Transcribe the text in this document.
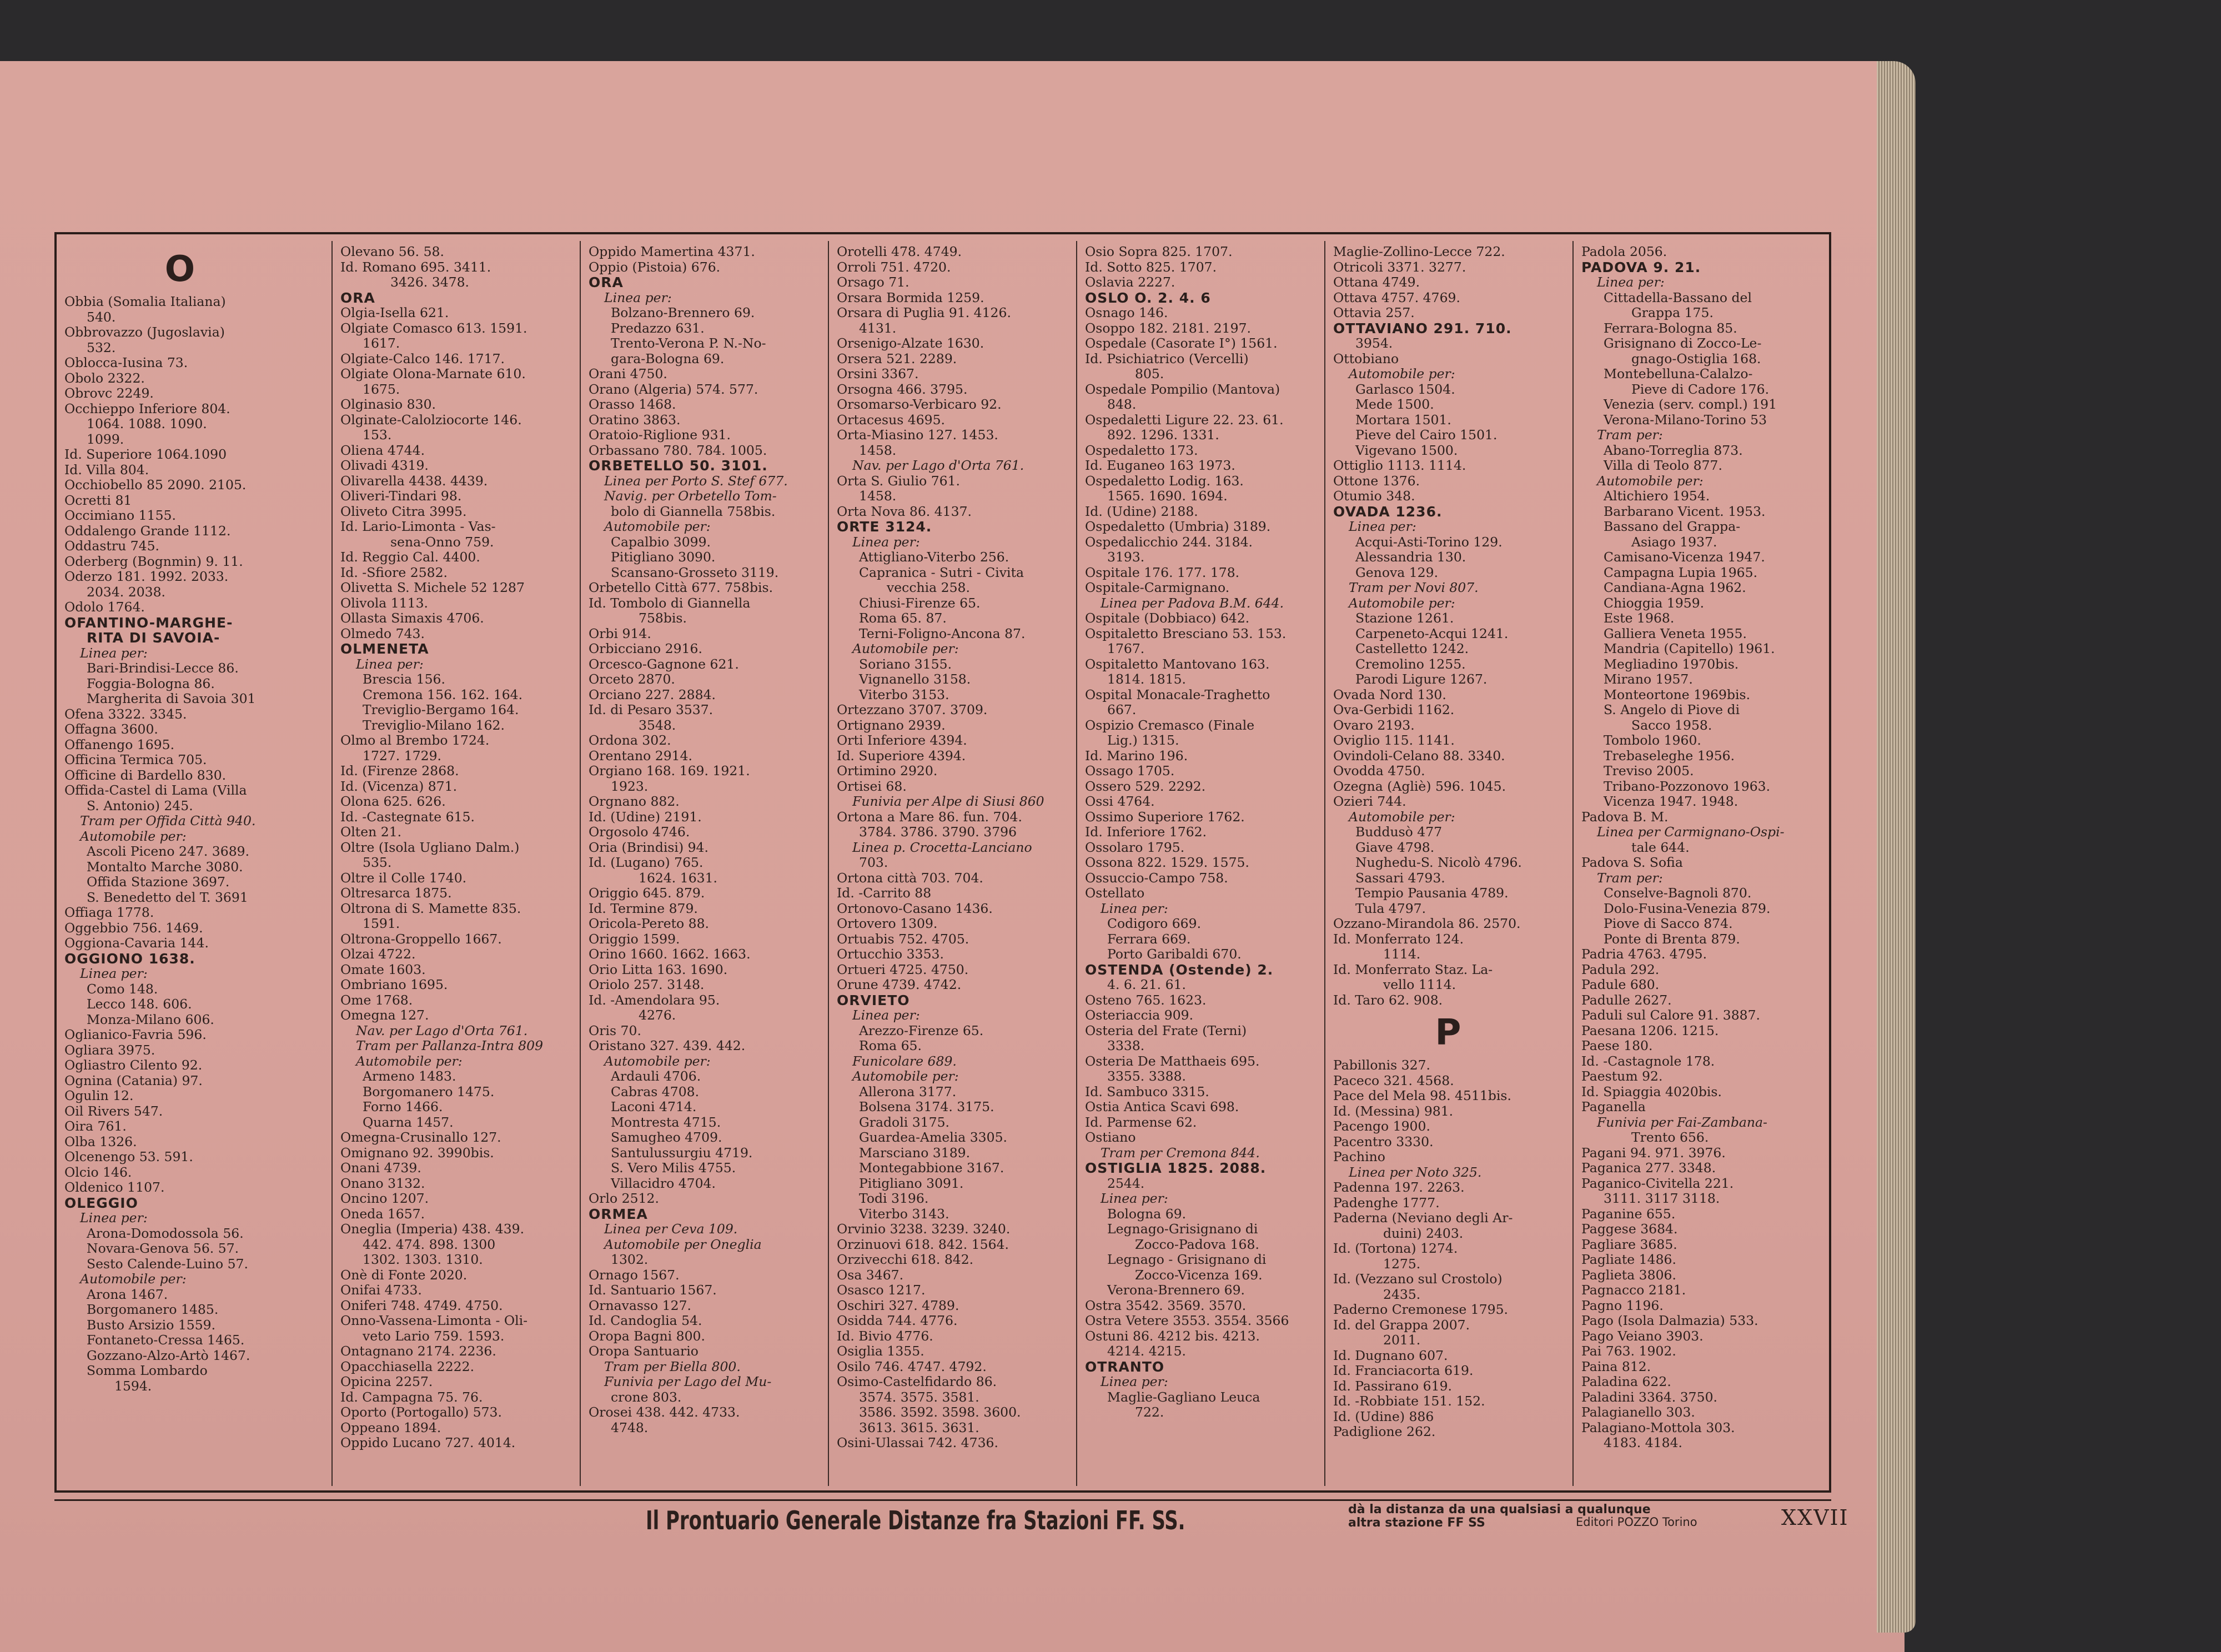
O
Obbia (Somalia Italiana)
540.
Obbrovazzo (Jugoslavia)
532.
Oblocca-Iusina 73.
Obolo 2322.
Obrovc 2249.
Occhieppo Inferiore 804.
1064. 1088. 1090.
1099.
Id. Superiore 1064.1090
Id. Villa 804.
Occhiobello 85 2090. 2105.
Ocretti 81
Occimiano 1155.
Oddalengo Grande 1112.
Oddastru 745.
Oderberg (Bognmin) 9. 11.
Oderzo 181. 1992. 2033.
2034. 2038.
Odolo 1764.
OFANTINO-MARGHE-
RITA DI SAVOIA-
Linea per:
Bari-Brindisi-Lecce 86.
Foggia-Bologna 86.
Margherita di Savoia 301
Ofena 3322. 3345.
Offagna 3600.
Offanengo 1695.
Officina Termica 705.
Officine di Bardello 830.
Offida-Castel di Lama (Villa
S. Antonio) 245.
Tram per Offida Città 940.
Automobile per:
Ascoli Piceno 247. 3689.
Montalto Marche 3080.
Offida Stazione 3697.
S. Benedetto del T. 3691
Offiaga 1778.
Oggebbio 756. 1469.
Oggiona-Cavaria 144.
OGGIONO 1638.
Linea per:
Como 148.
Lecco 148. 606.
Monza-Milano 606.
Oglianico-Favria 596.
Ogliara 3975.
Ogliastro Cilento 92.
Ognina (Catania) 97.
Ogulin 12.
Oil Rivers 547.
Oira 761.
Olba 1326.
Olcenengo 53. 591.
Olcio 146.
Oldenico 1107.
OLEGGIO
Linea per:
Arona-Domodossola 56.
Novara-Genova 56. 57.
Sesto Calende-Luino 57.
Automobile per:
Arona 1467.
Borgomanero 1485.
Busto Arsizio 1559.
Fontaneto-Cressa 1465.
Gozzano-Alzo-Artò 1467.
Somma Lombardo
1594.
Olevano 56. 58.
Id. Romano 695. 3411.
3426. 3478.
ORA
Olgia-Isella 621.
Olgiate Comasco 613. 1591.
1617.
Olgiate-Calco 146. 1717.
Olgiate Olona-Marnate 610.
1675.
Olginasio 830.
Olginate-Calolziocorte 146.
153.
Oliena 4744.
Olivadi 4319.
Olivarella 4438. 4439.
Oliveri-Tindari 98.
Oliveto Citra 3995.
Id. Lario-Limonta - Vas-
sena-Onno 759.
Id. Reggio Cal. 4400.
Id. -Sfiore 2582.
Olivetta S. Michele 52 1287
Olivola 1113.
Ollasta Simaxis 4706.
Olmedo 743.
OLMENETA
Linea per:
Brescia 156.
Cremona 156. 162. 164.
Treviglio-Bergamo 164.
Treviglio-Milano 162.
Olmo al Brembo 1724.
1727. 1729.
Id. (Firenze 2868.
Id. (Vicenza) 871.
Olona 625. 626.
Id. -Castegnate 615.
Olten 21.
Oltre (Isola Ugliano Dalm.)
535.
Oltre il Colle 1740.
Oltresarca 1875.
Oltrona di S. Mamette 835.
1591.
Oltrona-Groppello 1667.
Olzai 4722.
Omate 1603.
Ombriano 1695.
Ome 1768.
Omegna 127.
Nav. per Lago d'Orta 761.
Tram per Pallanza-Intra 809
Automobile per:
Armeno 1483.
Borgomanero 1475.
Forno 1466.
Quarna 1457.
Omegna-Crusinallo 127.
Omignano 92. 3990bis.
Onani 4739.
Onano 3132.
Oncino 1207.
Oneda 1657.
Oneglia (Imperia) 438. 439.
442. 474. 898. 1300
1302. 1303. 1310.
Onè di Fonte 2020.
Onifai 4733.
Oniferi 748. 4749. 4750.
Onno-Vassena-Limonta - Oli-
veto Lario 759. 1593.
Ontagnano 2174. 2236.
Opacchiasella 2222.
Opicina 2257.
Id. Campagna 75. 76.
Oporto (Portogallo) 573.
Oppeano 1894.
Oppido Lucano 727. 4014.
Oppido Mamertina 4371.
Oppio (Pistoia) 676.
ORA
Linea per:
Bolzano-Brennero 69.
Predazzo 631.
Trento-Verona P. N.-No-
gara-Bologna 69.
Orani 4750.
Orano (Algeria) 574. 577.
Orasso 1468.
Oratino 3863.
Oratoio-Riglione 931.
Orbassano 780. 784. 1005.
ORBETELLO 50. 3101.
Linea per Porto S. Stef 677.
Navig. per Orbetello Tom-
bolo di Giannella 758bis.
Automobile per:
Capalbio 3099.
Pitigliano 3090.
Scansano-Grosseto 3119.
Orbetello Città 677. 758bis.
Id. Tombolo di Giannella
758bis.
Orbi 914.
Orbicciano 2916.
Orcesco-Gagnone 621.
Orceto 2870.
Orciano 227. 2884.
Id. di Pesaro 3537.
3548.
Ordona 302.
Orentano 2914.
Orgiano 168. 169. 1921.
1923.
Orgnano 882.
Id. (Udine) 2191.
Orgosolo 4746.
Oria (Brindisi) 94.
Id. (Lugano) 765.
1624. 1631.
Origgio 645. 879.
Id. Termine 879.
Oricola-Pereto 88.
Origgio 1599.
Orino 1660. 1662. 1663.
Orio Litta 163. 1690.
Oriolo 257. 3148.
Id. -Amendolara 95.
4276.
Oris 70.
Oristano 327. 439. 442.
Automobile per:
Ardauli 4706.
Cabras 4708.
Laconi 4714.
Montresta 4715.
Samugheo 4709.
Santulussurgiu 4719.
S. Vero Milis 4755.
Villacidro 4704.
Orlo 2512.
ORMEA
Linea per Ceva 109.
Automobile per Oneglia
1302.
Ornago 1567.
Id. Santuario 1567.
Ornavasso 127.
Id. Candoglia 54.
Oropa Bagni 800.
Oropa Santuario
Tram per Biella 800.
Funivia per Lago del Mu-
crone 803.
Orosei 438. 442. 4733.
4748.
Orotelli 478. 4749.
Orroli 751. 4720.
Orsago 71.
Orsara Bormida 1259.
Orsara di Puglia 91. 4126.
4131.
Orsenigo-Alzate 1630.
Orsera 521. 2289.
Orsini 3367.
Orsogna 466. 3795.
Orsomarso-Verbicaro 92.
Ortacesus 4695.
Orta-Miasino 127. 1453.
1458.
Nav. per Lago d'Orta 761.
Orta S. Giulio 761.
1458.
Orta Nova 86. 4137.
ORTE 3124.
Linea per:
Attigliano-Viterbo 256.
Capranica - Sutri - Civita
vecchia 258.
Chiusi-Firenze 65.
Roma 65. 87.
Terni-Foligno-Ancona 87.
Automobile per:
Soriano 3155.
Vignanello 3158.
Viterbo 3153.
Ortezzano 3707. 3709.
Ortignano 2939.
Orti Inferiore 4394.
Id. Superiore 4394.
Ortimino 2920.
Ortisei 68.
Funivia per Alpe di Siusi 860
Ortona a Mare 86. fun. 704.
3784. 3786. 3790. 3796
Linea p. Crocetta-Lanciano
703.
Ortona città 703. 704.
Id. -Carrito 88
Ortonovo-Casano 1436.
Ortovero 1309.
Ortuabis 752. 4705.
Ortucchio 3353.
Ortueri 4725. 4750.
Orune 4739. 4742.
ORVIETO
Linea per:
Arezzo-Firenze 65.
Roma 65.
Funicolare 689.
Automobile per:
Allerona 3177.
Bolsena 3174. 3175.
Gradoli 3175.
Guardea-Amelia 3305.
Marsciano 3189.
Montegabbione 3167.
Pitigliano 3091.
Todi 3196.
Viterbo 3143.
Orvinio 3238. 3239. 3240.
Orzinuovi 618. 842. 1564.
Orzivecchi 618. 842.
Osa 3467.
Osasco 1217.
Oschiri 327. 4789.
Osidda 744. 4776.
Id. Bivio 4776.
Osiglia 1355.
Osilo 746. 4747. 4792.
Osimo-Castelfidardo 86.
3574. 3575. 3581.
3586. 3592. 3598. 3600.
3613. 3615. 3631.
Osini-Ulassai 742. 4736.
Osio Sopra 825. 1707.
Id. Sotto 825. 1707.
Oslavia 2227.
OSLO O. 2. 4. 6
Osnago 146.
Osoppo 182. 2181. 2197.
Ospedale (Casorate I°) 1561.
Id. Psichiatrico (Vercelli)
805.
Ospedale Pompilio (Mantova)
848.
Ospedaletti Ligure 22. 23. 61.
892. 1296. 1331.
Ospedaletto 173.
Id. Euganeo 163 1973.
Ospedaletto Lodig. 163.
1565. 1690. 1694.
Id. (Udine) 2188.
Ospedaletto (Umbria) 3189.
Ospedalicchio 244. 3184.
3193.
Ospitale 176. 177. 178.
Ospitale-Carmignano.
Linea per Padova B.M. 644.
Ospitale (Dobbiaco) 642.
Ospitaletto Bresciano 53. 153.
1767.
Ospitaletto Mantovano 163.
1814. 1815.
Ospital Monacale-Traghetto
667.
Ospizio Cremasco (Finale
Lig.) 1315.
Id. Marino 196.
Ossago 1705.
Ossero 529. 2292.
Ossi 4764.
Ossimo Superiore 1762.
Id. Inferiore 1762.
Ossolaro 1795.
Ossona 822. 1529. 1575.
Ossuccio-Campo 758.
Ostellato
Linea per:
Codigoro 669.
Ferrara 669.
Porto Garibaldi 670.
OSTENDA (Ostende) 2.
4. 6. 21. 61.
Osteno 765. 1623.
Osteriaccia 909.
Osteria del Frate (Terni)
3338.
Osteria De Matthaeis 695.
3355. 3388.
Id. Sambuco 3315.
Ostia Antica Scavi 698.
Id. Parmense 62.
Ostiano
Tram per Cremona 844.
OSTIGLIA 1825. 2088.
2544.
Linea per:
Bologna 69.
Legnago-Grisignano di
Zocco-Padova 168.
Legnago - Grisignano di
Zocco-Vicenza 169.
Verona-Brennero 69.
Ostra 3542. 3569. 3570.
Ostra Vetere 3553. 3554. 3566
Ostuni 86. 4212 bis. 4213.
4214. 4215.
OTRANTO
Linea per:
Maglie-Gagliano Leuca
722.
Maglie-Zollino-Lecce 722.
Otricoli 3371. 3277.
Ottana 4749.
Ottava 4757. 4769.
Ottavia 257.
OTTAVIANO 291. 710.
3954.
Ottobiano
Automobile per:
Garlasco 1504.
Mede 1500.
Mortara 1501.
Pieve del Cairo 1501.
Vigevano 1500.
Ottiglio 1113. 1114.
Ottone 1376.
Otumio 348.
OVADA 1236.
Linea per:
Acqui-Asti-Torino 129.
Alessandria 130.
Genova 129.
Tram per Novi 807.
Automobile per:
Stazione 1261.
Carpeneto-Acqui 1241.
Castelletto 1242.
Cremolino 1255.
Parodi Ligure 1267.
Ovada Nord 130.
Ova-Gerbidi 1162.
Ovaro 2193.
Oviglio 115. 1141.
Ovindoli-Celano 88. 3340.
Ovodda 4750.
Ozegna (Agliè) 596. 1045.
Ozieri 744.
Automobile per:
Buddusò 477
Giave 4798.
Nughedu-S. Nicolò 4796.
Sassari 4793.
Tempio Pausania 4789.
Tula 4797.
Ozzano-Mirandola 86. 2570.
Id. Monferrato 124.
1114.
Id. Monferrato Staz. La-
vello 1114.
Id. Taro 62. 908.
P
Pabillonis 327.
Paceco 321. 4568.
Pace del Mela 98. 4511bis.
Id. (Messina) 981.
Pacengo 1900.
Pacentro 3330.
Pachino
Linea per Noto 325.
Padenna 197. 2263.
Padenghe 1777.
Paderna (Neviano degli Ar-
duini) 2403.
Id. (Tortona) 1274.
1275.
Id. (Vezzano sul Crostolo)
2435.
Paderno Cremonese 1795.
Id. del Grappa 2007.
2011.
Id. Dugnano 607.
Id. Franciacorta 619.
Id. Passirano 619.
Id. -Robbiate 151. 152.
Id. (Udine) 886
Padiglione 262.
Padola 2056.
PADOVA 9. 21.
Linea per:
Cittadella-Bassano del
Grappa 175.
Ferrara-Bologna 85.
Grisignano di Zocco-Le-
gnago-Ostiglia 168.
Montebelluna-Calalzo-
Pieve di Cadore 176.
Venezia (serv. compl.) 191
Verona-Milano-Torino 53
Tram per:
Abano-Torreglia 873.
Villa di Teolo 877.
Automobile per:
Altichiero 1954.
Barbarano Vicent. 1953.
Bassano del Grappa-
Asiago 1937.
Camisano-Vicenza 1947.
Campagna Lupia 1965.
Candiana-Agna 1962.
Chioggia 1959.
Este 1968.
Galliera Veneta 1955.
Mandria (Capitello) 1961.
Megliadino 1970bis.
Mirano 1957.
Monteortone 1969bis.
S. Angelo di Piove di
Sacco 1958.
Tombolo 1960.
Trebaseleghe 1956.
Treviso 2005.
Tribano-Pozzonovo 1963.
Vicenza 1947. 1948.
Padova B. M.
Linea per Carmignano-Ospi-
tale 644.
Padova S. Sofia
Tram per:
Conselve-Bagnoli 870.
Dolo-Fusina-Venezia 879.
Piove di Sacco 874.
Ponte di Brenta 879.
Padria 4763. 4795.
Padula 292.
Padule 680.
Padulle 2627.
Paduli sul Calore 91. 3887.
Paesana 1206. 1215.
Paese 180.
Id. -Castagnole 178.
Paestum 92.
Id. Spiaggia 4020bis.
Paganella
Funivia per Fai-Zambana-
Trento 656.
Pagani 94. 971. 3976.
Paganica 277. 3348.
Paganico-Civitella 221.
3111. 3117 3118.
Paganine 655.
Paggese 3684.
Pagliare 3685.
Pagliate 1486.
Paglieta 3806.
Pagnacco 2181.
Pagno 1196.
Pago (Isola Dalmazia) 533.
Pago Veiano 3903.
Pai 763. 1902.
Paina 812.
Paladina 622.
Paladini 3364. 3750.
Palagianello 303.
Palagiano-Mottola 303.
4183. 4184.
Il Prontuario Generale Distanze fra Stazioni FF. SS.	dà la distanza da una qualsiasi a qualunque
altra stazione FF SS	Editori POZZO Torino	XXVII
